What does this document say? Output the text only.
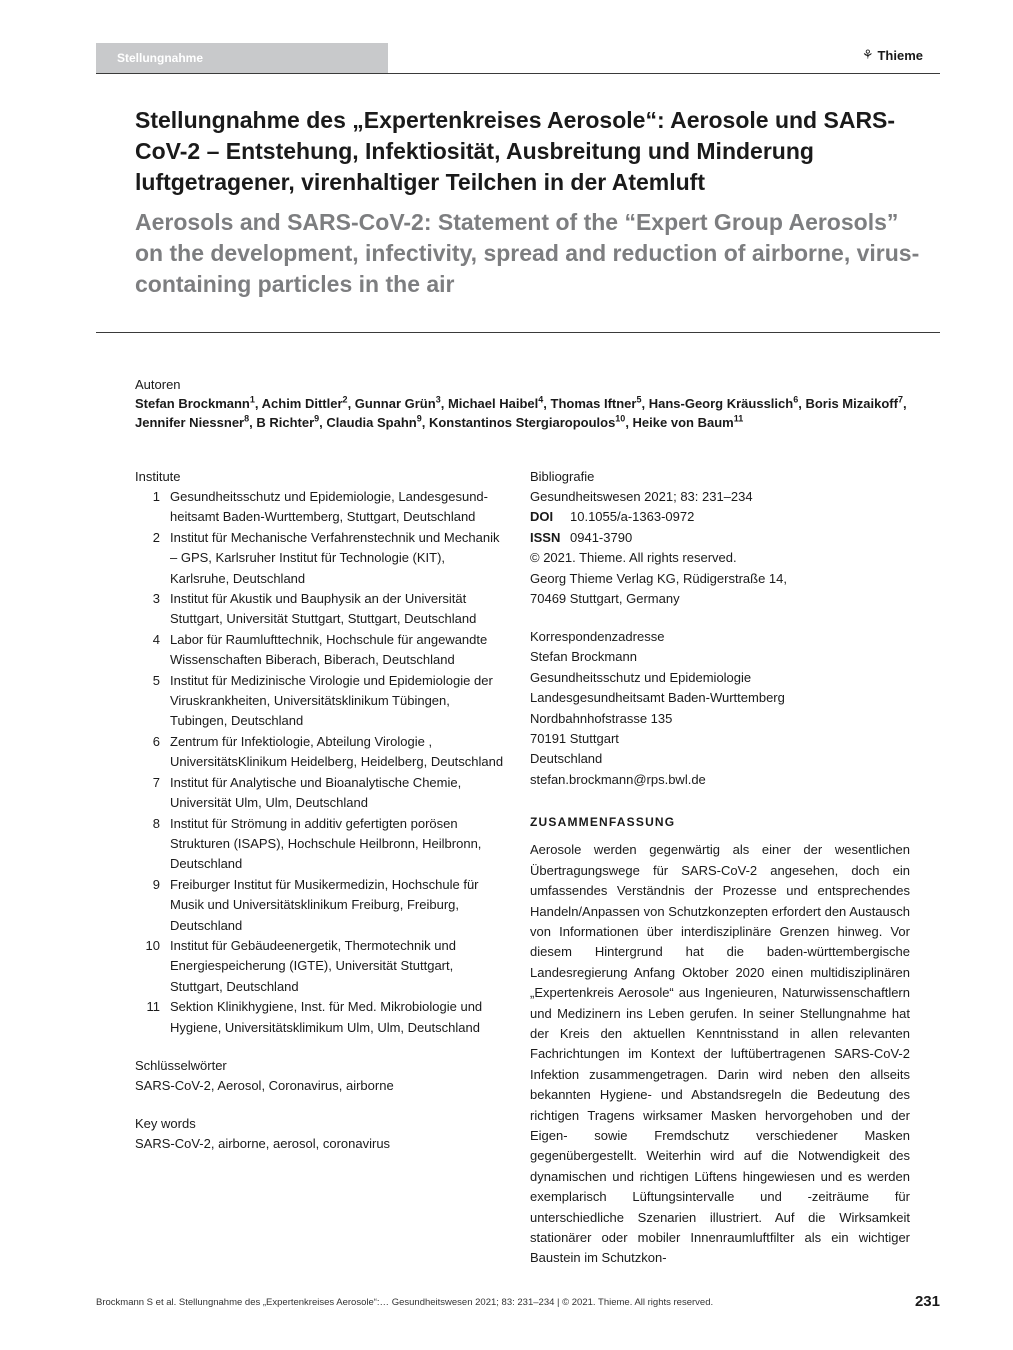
Stellungnahme	⚘ Thieme
Stellungnahme des „Expertenkreises Aerosole“: Aerosole und SARS-CoV-2 – Entstehung, Infektiosität, Ausbreitung und Minderung luftgetragener, virenhaltiger Teilchen in der Atemluft
Aerosols and SARS-CoV-2: Statement of the “Expert Group Aerosols” on the development, infectivity, spread and reduction of airborne, virus-containing particles in the air
Autoren
Stefan Brockmann$^1$, Achim Dittler$^2$, Gunnar Grün$^3$, Michael Haibel$^4$, Thomas Iftner$^5$, Hans-Georg Kräusslich$^6$, Boris Mizaikoff$^7$, Jennifer Niessner$^8$, B Richter$^9$, Claudia Spahn$^9$, Konstantinos Stergiaropoulos$^{10}$, Heike von Baum$^{11}$
Institute
1 Gesundheitsschutz und Epidemiologie, Landesgesund-heitsamt Baden-Wurttemberg, Stuttgart, Deutschland
2 Institut für Mechanische Verfahrenstechnik und Mechanik – GPS, Karlsruher Institut für Technologie (KIT), Karlsruhe, Deutschland
3 Institut für Akustik und Bauphysik an der Universität Stuttgart, Universität Stuttgart, Stuttgart, Deutschland
4 Labor für Raumlufttechnik, Hochschule für angewandte Wissenschaften Biberach, Biberach, Deutschland
5 Institut für Medizinische Virologie und Epidemiologie der Viruskrankheiten, Universitätsklinikum Tübingen, Tubingen, Deutschland
6 Zentrum für Infektiologie, Abteilung Virologie , UniversitätsKlinikum Heidelberg, Heidelberg, Deutschland
7 Institut für Analytische und Bioanalytische Chemie, Universität Ulm, Ulm, Deutschland
8 Institut für Strömung in additiv gefertigten porösen Strukturen (ISAPS), Hochschule Heilbronn, Heilbronn, Deutschland
9 Freiburger Institut für Musikermedizin, Hochschule für Musik und Universitätsklinikum Freiburg, Freiburg, Deutschland
10 Institut für Gebäudeenergetik, Thermotechnik und Energiespeicherung (IGTE), Universität Stuttgart, Stuttgart, Deutschland
11 Sektion Klinikhygiene, Inst. für Med. Mikrobiologie und Hygiene, Universitätsklimikum Ulm, Ulm, Deutschland
Schlüsselwörter
SARS-CoV-2, Aerosol, Coronavirus, airborne
Key words
SARS-CoV-2, airborne, aerosol, coronavirus
Bibliografie
Gesundheitswesen 2021; 83: 231–234
DOI 10.1055/a-1363-0972
ISSN 0941-3790
© 2021. Thieme. All rights reserved.
Georg Thieme Verlag KG, Rüdigerstraße 14,
70469 Stuttgart, Germany
Korrespondenzadresse
Stefan Brockmann
Gesundheitsschutz und Epidemiologie
Landesgesundheitsamt Baden-Wurttemberg
Nordbahnhofstrasse 135
70191 Stuttgart
Deutschland
stefan.brockmann@rps.bwl.de
ZUSAMMENFASSUNG

Aerosole werden gegenwärtig als einer der wesentlichen Übertragungswege für SARS-CoV-2 angesehen, doch ein umfassendes Verständnis der Prozesse und entsprechendes Handeln/Anpassen von Schutzkonzepten erfordert den Austausch von Informationen über interdisziplinäre Grenzen hinweg. Vor diesem Hintergrund hat die baden-württembergische Landesregierung Anfang Oktober 2020 einen multidisziplinären „Expertenkreis Aerosole“ aus Ingenieuren, Naturwissenschaftlern und Medizinern ins Leben gerufen. In seiner Stellungnahme hat der Kreis den aktuellen Kenntnisstand in allen relevanten Fachrichtungen im Kontext der luftübertragenen SARS-CoV-2 Infektion zusammengetragen. Darin wird neben den allseits bekannten Hygiene- und Abstandsregeln die Bedeutung des richtigen Tragens wirksamer Masken hervorgehoben und der Eigen- sowie Fremdschutz verschiedener Masken gegenübergestellt. Weiterhin wird auf die Notwendigkeit des dynamischen und richtigen Lüftens hingewiesen und es werden exemplarisch Lüftungsintervalle und -zeiträume für unterschiedliche Szenarien illustriert. Auf die Wirksamkeit stationärer oder mobiler Innenraumluftfilter als ein wichtiger Baustein im Schutzkon-

Brockmann S et al. Stellungnahme des „Expertenkreises Aerosole“:… Gesundheitswesen 2021; 83: 231–234 | © 2021. Thieme. All rights reserved.	231
